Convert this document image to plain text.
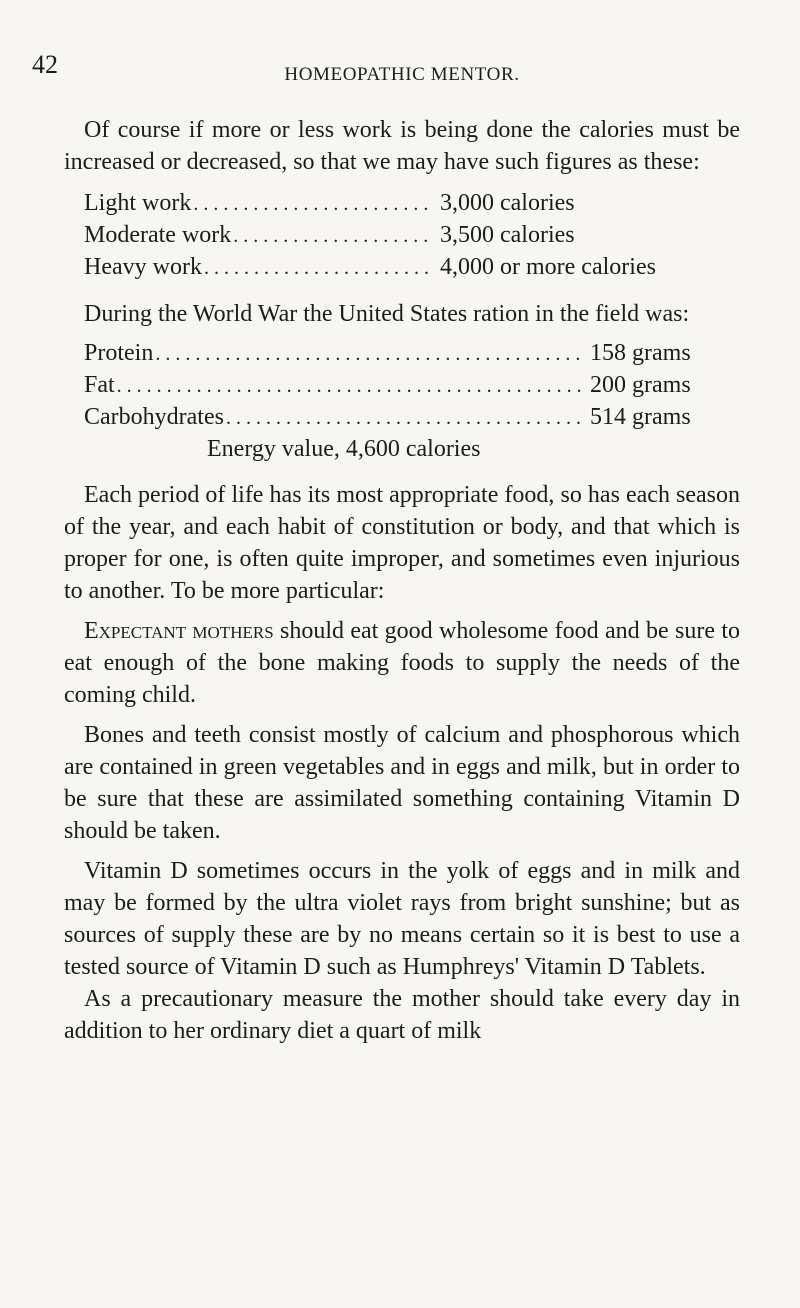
42	HOMEOPATHIC MENTOR.

Of course if more or less work is being done the calories must be increased or decreased, so that we may have such figures as these:

Light work . . .	3,000 calories
Moderate work . . .	3,500 calories
Heavy work . . .	4,000 or more calories

During the World War the United States ration in the field was:

Protein . . .	158 grams
Fat . . .	200 grams
Carbohydrates . . .	514 grams
Energy value, 4,600 calories

Each period of life has its most appropriate food, so has each season of the year, and each habit of constitution or body, and that which is proper for one, is often quite improper, and sometimes even injurious to another. To be more particular:

Expectant mothers should eat good wholesome food and be sure to eat enough of the bone making foods to supply the needs of the coming child.

Bones and teeth consist mostly of calcium and phosphorous which are contained in green vegetables and in eggs and milk, but in order to be sure that these are assimilated something containing Vitamin D should be taken.

Vitamin D sometimes occurs in the yolk of eggs and in milk and may be formed by the ultra violet rays from bright sunshine; but as sources of supply these are by no means certain so it is best to use a tested source of Vitamin D such as Humphreys' Vitamin D Tablets.

As a precautionary measure the mother should take every day in addition to her ordinary diet a quart of milk
